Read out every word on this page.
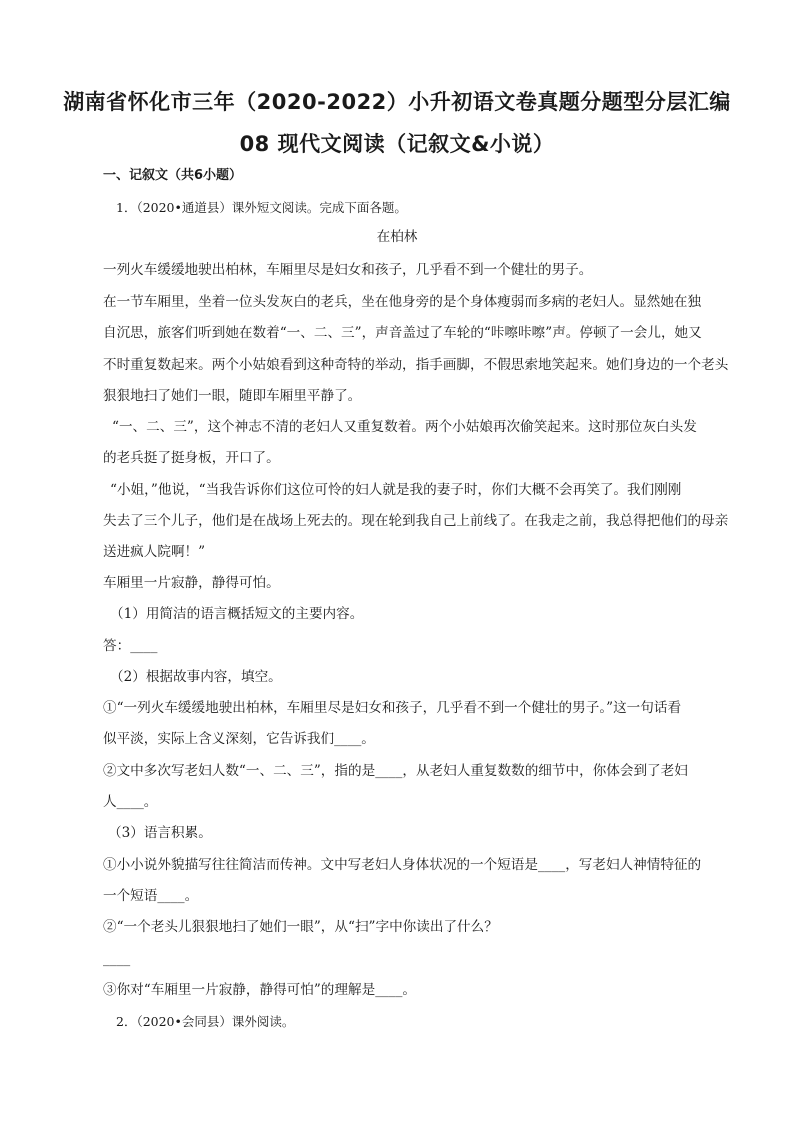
湖南省怀化市三年（2020-2022）小升初语文卷真题分题型分层汇编
08 现代文阅读（记叙文&小说）
一、记叙文（共6小题）
1．（2020•通道县）课外短文阅读。完成下面各题。
在柏林
一列火车缓缓地驶出柏林，车厢里尽是妇女和孩子，几乎看不到一个健壮的男子。
在一节车厢里，坐着一位头发灰白的老兵，坐在他身旁的是个身体瘦弱而多病的老妇人。显然她在独
自沉思，旅客们听到她在数着“一、二、三”，声音盖过了车轮的“咔嚓咔嚓”声。停顿了一会儿，她又
不时重复数起来。两个小姑娘看到这种奇特的举动，指手画脚，不假思索地笑起来。她们身边的一个老头
狠狠地扫了她们一眼，随即车厢里平静了。
“一、二、三”，这个神志不清的老妇人又重复数着。两个小姑娘再次偷笑起来。这时那位灰白头发
的老兵挺了挺身板，开口了。
“小姐，”他说，“当我告诉你们这位可怜的妇人就是我的妻子时，你们大概不会再笑了。我们刚刚
失去了三个儿子，他们是在战场上死去的。现在轮到我自己上前线了。在我走之前，我总得把他们的母亲
送进疯人院啊！”
车厢里一片寂静，静得可怕。
（1）用简洁的语言概括短文的主要内容。
答：____
（2）根据故事内容，填空。
①“一列火车缓缓地驶出柏林，车厢里尽是妇女和孩子，几乎看不到一个健壮的男子。”这一句话看
似平淡，实际上含义深刻，它告诉我们____。
②文中多次写老妇人数“一、二、三”，指的是____，从老妇人重复数数的细节中，你体会到了老妇
人____。
（3）语言积累。
①小小说外貌描写往往简洁而传神。文中写老妇人身体状况的一个短语是____，写老妇人神情特征的
一个短语____。
②“一个老头儿狠狠地扫了她们一眼”，从“扫”字中你读出了什么？
____
③你对“车厢里一片寂静，静得可怕”的理解是____。
2．（2020•会同县）课外阅读。
